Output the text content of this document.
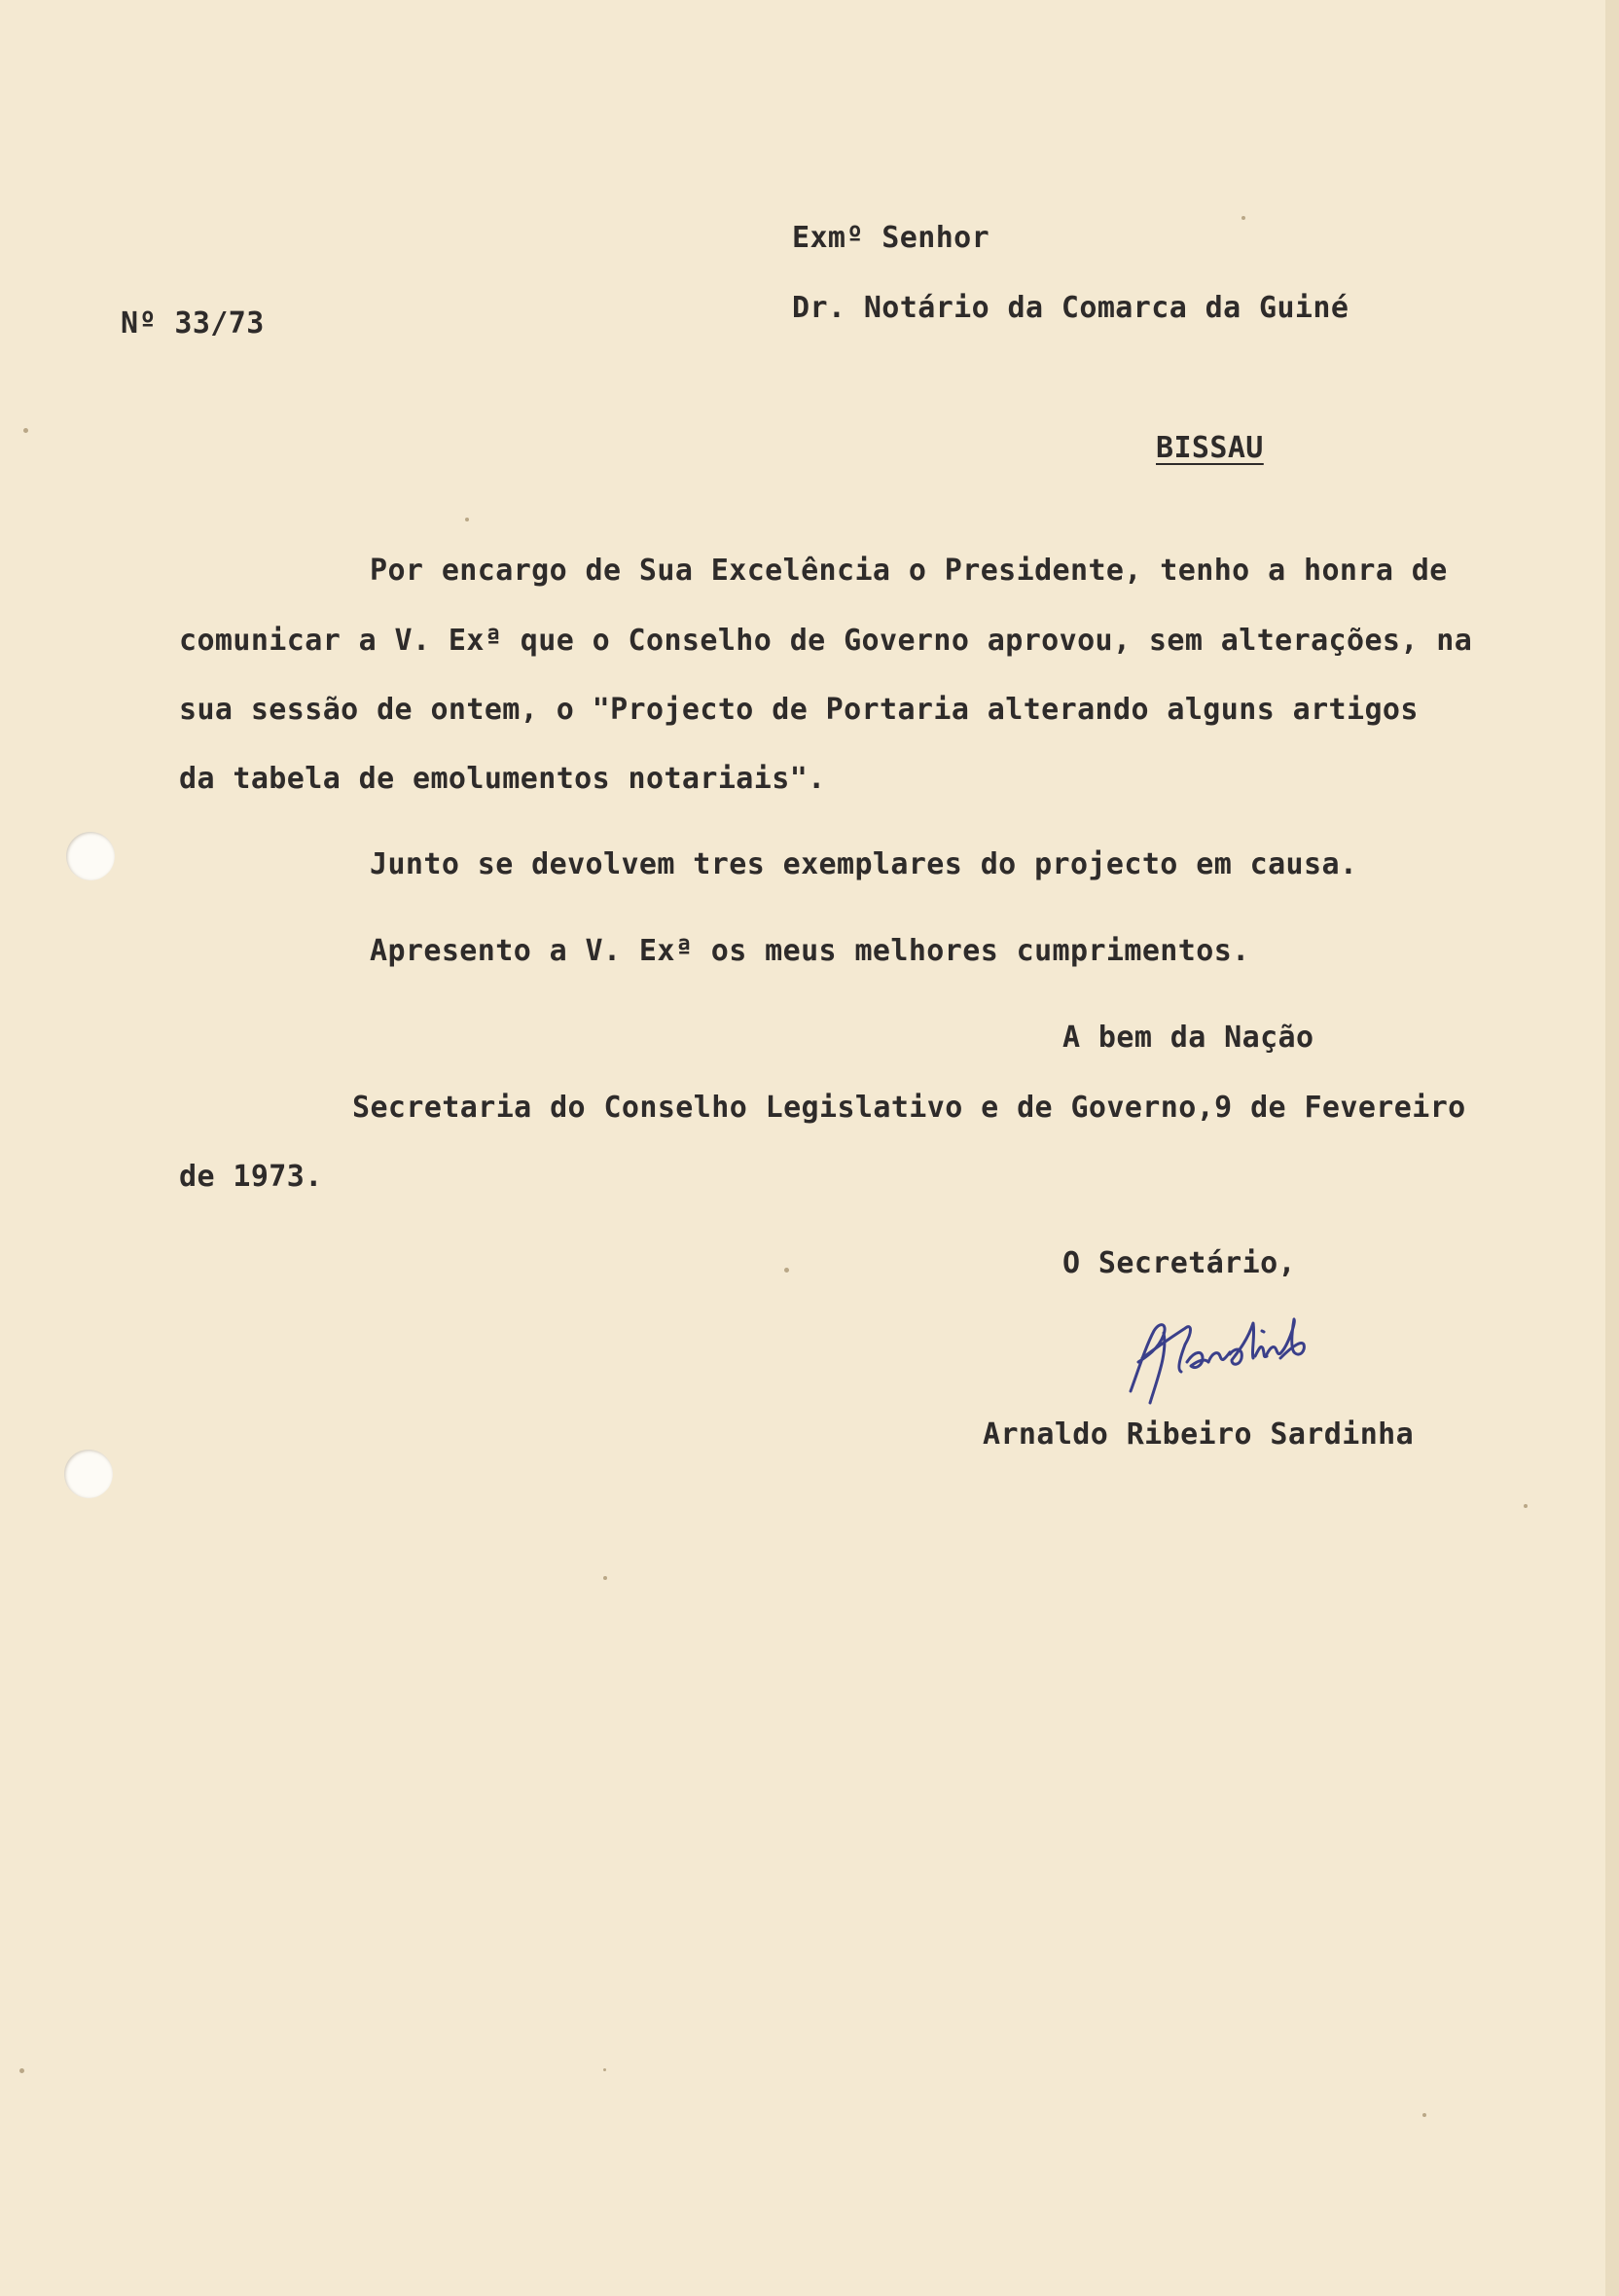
Exmº Senhor
Dr. Notário da Comarca da Guiné
Nº 33/73
BISSAU
Por encargo de Sua Excelência o Presidente, tenho a honra de
comunicar a V. Exª que o Conselho de Governo aprovou, sem alterações, na
sua sessão de ontem, o "Projecto de Portaria alterando alguns artigos
da tabela de emolumentos notariais".
Junto se devolvem tres exemplares do projecto em causa.
Apresento a V. Exª os meus melhores cumprimentos.
A bem da Nação
Secretaria do Conselho Legislativo e de Governo,9 de Fevereiro
de 1973.
O Secretário,
Arnaldo Ribeiro Sardinha
